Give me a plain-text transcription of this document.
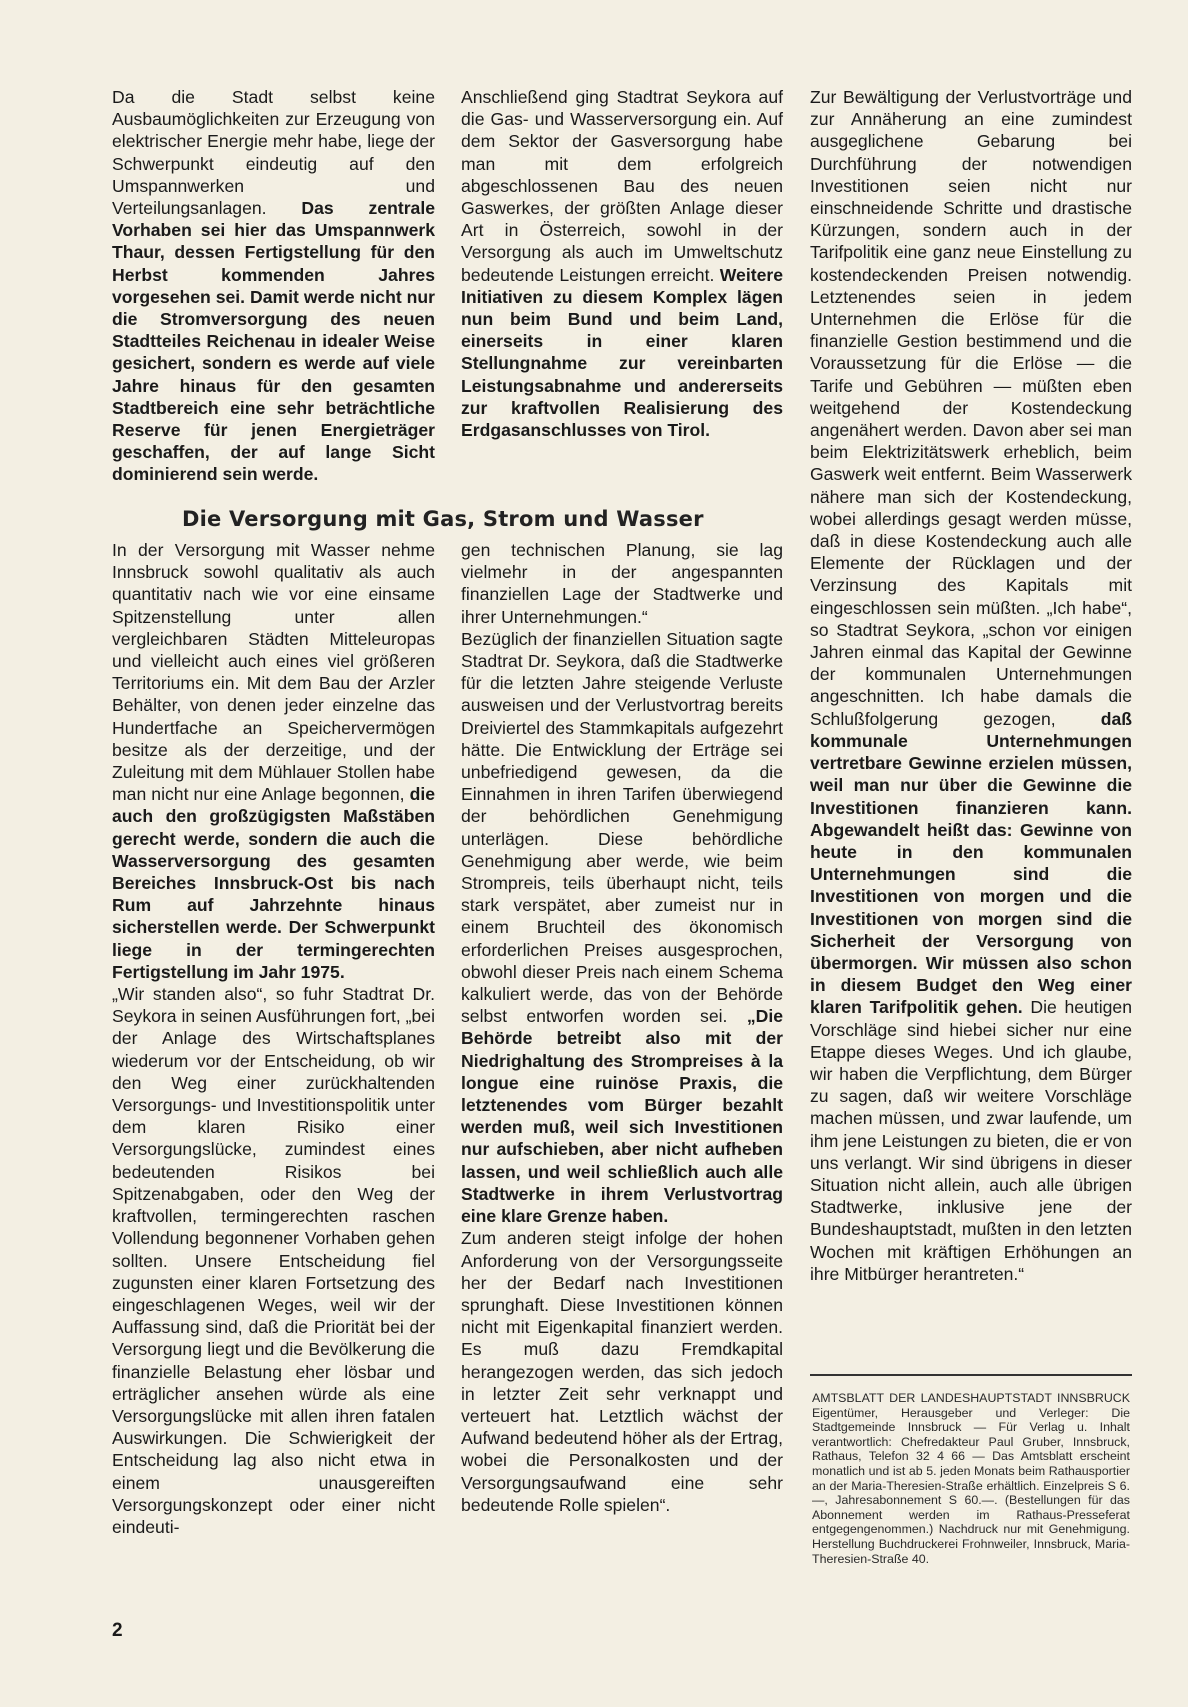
Da die Stadt selbst keine Ausbaumöglichkeiten zur Erzeugung von elektrischer Energie mehr habe, liege der Schwerpunkt eindeutig auf den Umspannwerken und Verteilungsanlagen. Das zentrale Vorhaben sei hier das Umspannwerk Thaur, dessen Fertigstellung für den Herbst kommenden Jahres vorgesehen sei. Damit werde nicht nur die Stromversorgung des neuen Stadtteiles Reichenau in idealer Weise gesichert, sondern es werde auf viele Jahre hinaus für den gesamten Stadtbereich eine sehr beträchtliche Reserve für jenen Energieträger geschaffen, der auf lange Sicht dominierend sein werde.

Anschließend ging Stadtrat Seykora auf die Gas- und Wasserversorgung ein. Auf dem Sektor der Gasversorgung habe man mit dem erfolgreich abgeschlossenen Bau des neuen Gaswerkes, der größten Anlage dieser Art in Österreich, sowohl in der Versorgung als auch im Umweltschutz bedeutende Leistungen erreicht. Weitere Initiativen zu diesem Komplex lägen nun beim Bund und beim Land, einerseits in einer klaren Stellungnahme zur vereinbarten Leistungsabnahme und andererseits zur kraftvollen Realisierung des Erdgasanschlusses von Tirol.

Die Versorgung mit Gas, Strom und Wasser

In der Versorgung mit Wasser nehme Innsbruck sowohl qualitativ als auch quantitativ nach wie vor eine einsame Spitzenstellung unter allen vergleichbaren Städten Mitteleuropas und vielleicht auch eines viel größeren Territoriums ein. Mit dem Bau der Arzler Behälter, von denen jeder einzelne das Hundertfache an Speichervermögen besitze als der derzeitige, und der Zuleitung mit dem Mühlauer Stollen habe man nicht nur eine Anlage begonnen, die auch den großzügigsten Maßstäben gerecht werde, sondern die auch die Wasserversorgung des gesamten Bereiches Innsbruck-Ost bis nach Rum auf Jahrzehnte hinaus sicherstellen werde. Der Schwerpunkt liege in der termingerechten Fertigstellung im Jahr 1975.

„Wir standen also“, so fuhr Stadtrat Dr. Seykora in seinen Ausführungen fort, „bei der Anlage des Wirtschaftsplanes wiederum vor der Entscheidung, ob wir den Weg einer zurückhaltenden Versorgungs- und Investitionspolitik unter dem klaren Risiko einer Versorgungslücke, zumindest eines bedeutenden Risikos bei Spitzenabgaben, oder den Weg der kraftvollen, termingerechten raschen Vollendung begonnener Vorhaben gehen sollten. Unsere Entscheidung fiel zugunsten einer klaren Fortsetzung des eingeschlagenen Weges, weil wir der Auffassung sind, daß die Priorität bei der Versorgung liegt und die Bevölkerung die finanzielle Belastung eher lösbar und erträglicher ansehen würde als eine Versorgungslücke mit allen ihren fatalen Auswirkungen. Die Schwierigkeit der Entscheidung lag also nicht etwa in einem unausgereiften Versorgungskonzept oder einer nicht eindeuti-

gen technischen Planung, sie lag vielmehr in der angespannten finanziellen Lage der Stadtwerke und ihrer Unternehmungen.“

Bezüglich der finanziellen Situation sagte Stadtrat Dr. Seykora, daß die Stadtwerke für die letzten Jahre steigende Verluste ausweisen und der Verlustvortrag bereits Dreiviertel des Stammkapitals aufgezehrt hätte. Die Entwicklung der Erträge sei unbefriedigend gewesen, da die Einnahmen in ihren Tarifen überwiegend der behördlichen Genehmigung unterlägen. Diese behördliche Genehmigung aber werde, wie beim Strompreis, teils überhaupt nicht, teils stark verspätet, aber zumeist nur in einem Bruchteil des ökonomisch erforderlichen Preises ausgesprochen, obwohl dieser Preis nach einem Schema kalkuliert werde, das von der Behörde selbst entworfen worden sei. „Die Behörde betreibt also mit der Niedrighaltung des Strompreises à la longue eine ruinöse Praxis, die letztenendes vom Bürger bezahlt werden muß, weil sich Investitionen nur aufschieben, aber nicht aufheben lassen, und weil schließlich auch alle Stadtwerke in ihrem Verlustvortrag eine klare Grenze haben.

Zum anderen steigt infolge der hohen Anforderung von der Versorgungsseite her der Bedarf nach Investitionen sprunghaft. Diese Investitionen können nicht mit Eigenkapital finanziert werden. Es muß dazu Fremdkapital herangezogen werden, das sich jedoch in letzter Zeit sehr verknappt und verteuert hat. Letztlich wächst der Aufwand bedeutend höher als der Ertrag, wobei die Personalkosten und der Versorgungsaufwand eine sehr bedeutende Rolle spielen“.

Zur Bewältigung der Verlustvorträge und zur Annäherung an eine zumindest ausgeglichene Gebarung bei Durchführung der notwendigen Investitionen seien nicht nur einschneidende Schritte und drastische Kürzungen, sondern auch in der Tarifpolitik eine ganz neue Einstellung zu kostendeckenden Preisen notwendig. Letztenendes seien in jedem Unternehmen die Erlöse für die finanzielle Gestion bestimmend und die Voraussetzung für die Erlöse — die Tarife und Gebühren — müßten eben weitgehend der Kostendeckung angenähert werden. Davon aber sei man beim Elektrizitätswerk erheblich, beim Gaswerk weit entfernt. Beim Wasserwerk nähere man sich der Kostendeckung, wobei allerdings gesagt werden müsse, daß in diese Kostendeckung auch alle Elemente der Rücklagen und der Verzinsung des Kapitals mit eingeschlossen sein müßten. „Ich habe“, so Stadtrat Seykora, „schon vor einigen Jahren einmal das Kapital der Gewinne der kommunalen Unternehmungen angeschnitten. Ich habe damals die Schlußfolgerung gezogen,	daß kommunale Unternehmungen vertretbare Gewinne erzielen müssen, weil man nur über die Gewinne die Investitionen finanzieren kann. Abgewandelt heißt das: Gewinne von heute in den kommunalen Unternehmungen sind die Investitionen von morgen und die Investitionen von morgen sind die Sicherheit der Versorgung von übermorgen. Wir müssen also schon in diesem Budget den Weg einer klaren Tarifpolitik gehen. Die heutigen Vorschläge sind hiebei sicher nur eine Etappe dieses Weges. Und ich glaube, wir haben die Verpflichtung, dem Bürger zu sagen, daß wir weitere Vorschläge machen müssen, und zwar laufende, um ihm jene Leistungen zu bieten, die er von uns verlangt. Wir sind übrigens in dieser Situation nicht allein, auch alle übrigen Stadtwerke, inklusive jene der Bundeshauptstadt, mußten in den letzten Wochen mit kräftigen Erhöhungen an ihre Mitbürger herantreten.“

AMTSBLATT DER LANDESHAUPTSTADT INNSBRUCK Eigentümer, Herausgeber und Verleger: Die Stadtgemeinde Innsbruck — Für Verlag u. Inhalt verantwortlich: Chefredakteur Paul Gruber, Innsbruck, Rathaus, Telefon 32 4 66 — Das Amtsblatt erscheint monatlich und ist ab 5. jeden Monats beim Rathausportier an der Maria-Theresien-Straße erhältlich. Einzelpreis S 6.—, Jahresabonnement S 60.—. (Bestellungen für das Abonnement werden im Rathaus-Presseferat entgegengenommen.) Nachdruck nur mit Genehmigung. Herstellung Buchdruckerei Frohnweiler, Innsbruck, Maria-Theresien-Straße 40.
2
